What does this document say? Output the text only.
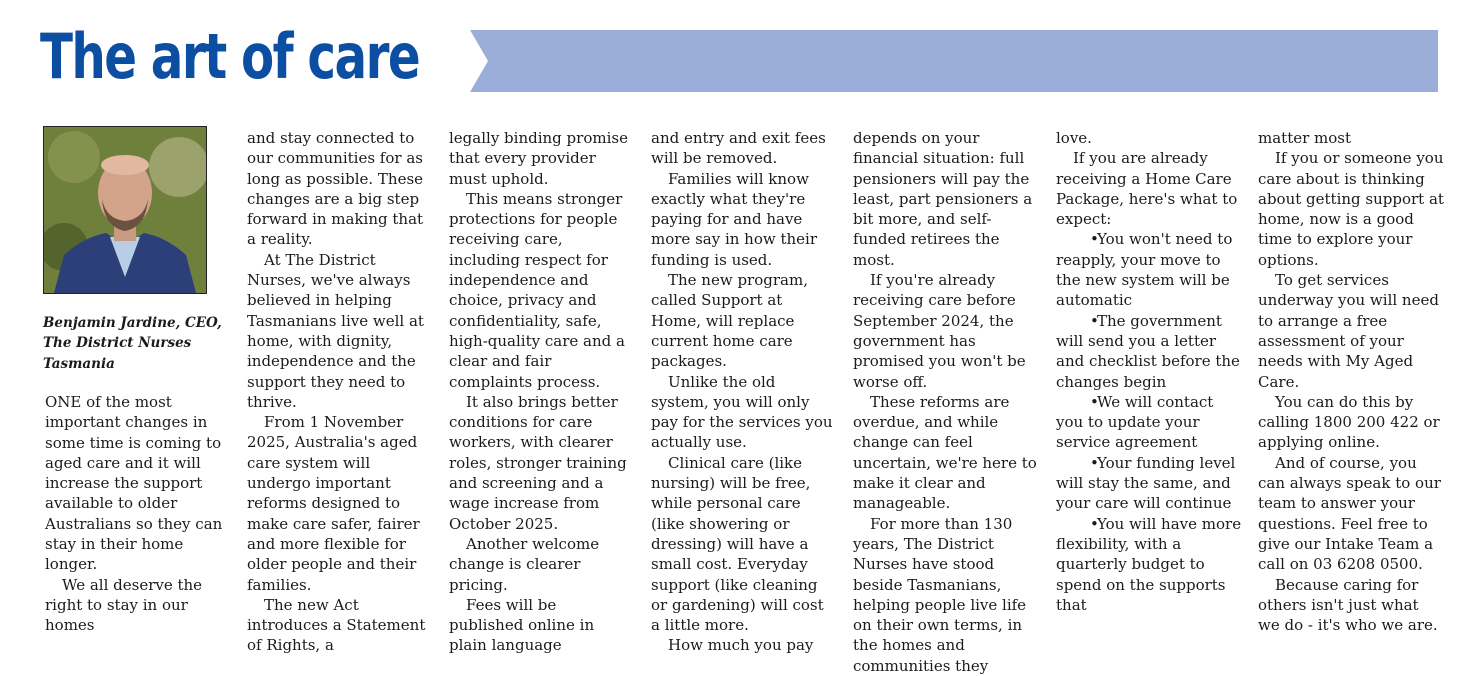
The art of care
Benjamin Jardine, CEO, The District Nurses Tasmania

ONE of the most important changes in some time is coming to aged care and it will increase the support available to older Australians so they can stay in their home longer.

We all deserve the right to stay in our homes

and stay connected to our communities for as long as possible. These changes are a big step forward in making that a reality.

At The District Nurses, we've always believed in helping Tasmanians live well at home, with dignity, independence and the support they need to thrive.

From 1 November 2025, Australia's aged care system will undergo important reforms designed to make care safer, fairer and more flexible for older people and their families.

The new Act introduces a Statement of Rights, a

legally binding promise that every provider must uphold.

This means stronger protections for people receiving care, including respect for independence and choice, privacy and confidentiality, safe, high-quality care and a clear and fair complaints process.

It also brings better conditions for care workers, with clearer roles, stronger training and screening and a wage increase from October 2025.

Another welcome change is clearer pricing.

Fees will be published online in plain language

and entry and exit fees will be removed.

Families will know exactly what they're paying for and have more say in how their funding is used.

The new program, called Support at Home, will replace current home care packages.

Unlike the old system, you will only pay for the services you actually use.

Clinical care (like nursing) will be free, while personal care (like showering or dressing) will have a small cost. Everyday support (like cleaning or gardening) will cost a little more.

How much you pay

depends on your financial situation: full pensioners will pay the least, part pensioners a bit more, and self-funded retirees the most.

If you're already receiving care before September 2024, the government has promised you won't be worse off.

These reforms are overdue, and while change can feel uncertain, we're here to make it clear and manageable.

For more than 130 years, The District Nurses have stood beside Tasmanians, helping people live life on their own terms, in the homes and communities they

love.

If you are already receiving a Home Care Package, here's what to expect:

• You won't need to reapply, your move to the new system will be automatic

• The government will send you a letter and checklist before the changes begin

• We will contact you to update your service agreement

• Your funding level will stay the same, and your care will continue

• You will have more flexibility, with a quarterly budget to spend on the supports that

matter most

If you or someone you care about is thinking about getting support at home, now is a good time to explore your options.

To get services underway you will need to arrange a free assessment of your needs with My Aged Care.

You can do this by calling 1800 200 422 or applying online.

And of course, you can always speak to our team to answer your questions. Feel free to give our Intake Team a call on 03 6208 0500.

Because caring for others isn't just what we do - it's who we are.
